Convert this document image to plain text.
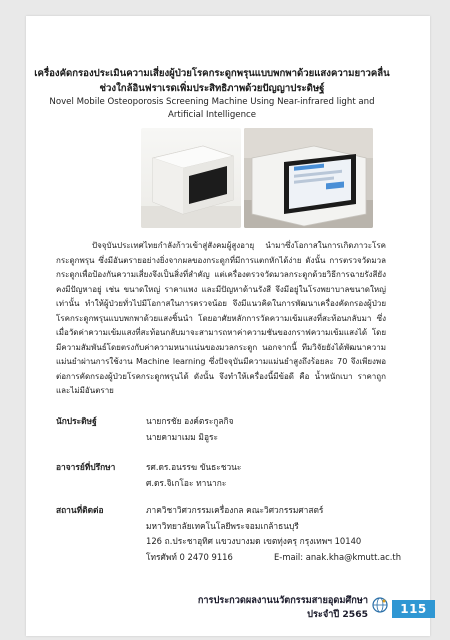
เครื่องคัดกรองประเมินความเสี่ยงผู้ป่วยโรคกระดูกพรุนแบบพกพาด้วยแสงความยาวคลื่นช่วงใกล้อินฟราเรดเพิ่มประสิทธิภาพด้วยปัญญาประดิษฐ์
Novel Mobile Osteoporosis Screening Machine Using Near-infrared light and Artificial Intelligence
ปัจจุบันประเทศไทยกำลังก้าวเข้าสู่สังคมผู้สูงอายุ นำมาซึ่งโอกาสในการเกิดภาวะโรคกระดูกพรุน ซึ่งมีอันตรายอย่างยิ่งจากผลของกระดูกที่มีการแตกหักได้ง่าย ดังนั้น การตรวจวัดมวลกระดูกเพื่อป้องกันความเสี่ยงจึงเป็นสิ่งที่สำคัญ แต่เครื่องตรวจวัดมวลกระดูกด้วยวิธีการฉายรังสียังคงมีปัญหาอยู่ เช่น ขนาดใหญ่ ราคาแพง และมีปัญหาด้านรังสี จึงมีอยู่ในโรงพยาบาลขนาดใหญ่เท่านั้น ทำให้ผู้ป่วยทั่วไปมีโอกาสในการตรวจน้อย จึงมีแนวคิดในการพัฒนาเครื่องคัดกรองผู้ป่วยโรคกระดูกพรุนแบบพกพาด้วยแสงชิ้นนำ โดยอาศัยหลักการวัดความเข้มแสงที่สะท้อนกลับมา ซึ่งเมื่อวัดค่าความเข้มแสงที่สะท้อนกลับมาจะสามารถหาค่าความชันของกราฟความเข้มแสงได้ โดยมีความสัมพันธ์โดยตรงกับค่าความหนาแน่นของมวลกระดูก นอกจากนี้ ทีมวิจัยยังได้พัฒนาความแม่นยำผ่านการใช้งาน Machine learning ซึ่งปัจจุบันมีความแม่นยำสูงถึงร้อยละ 70 จึงเพียงพอต่อการคัดกรองผู้ป่วยโรคกระดูกพรุนได้ ดังนั้น จึงทำให้เครื่องนี้มีข้อดี คือ น้ำหนักเบา ราคาถูก และไม่มีอันตราย
นักประดิษฐ์	นายกรชัย องค์ตระกูลกิจ
นายคามาเมม มิอูระ
อาจารย์ที่ปรึกษา	รศ.ดร.อนรรฆ ขันธะชวนะ
ศ.ดร.จิเกโอะ ทานากะ
สถานที่ติดต่อ	ภาควิชาวิศวกรรมเครื่องกล คณะวิศวกรรมศาสตร์
มหาวิทยาลัยเทคโนโลยีพระจอมเกล้าธนบุรี
126 ถ.ประชาอุทิศ แขวงบางมด เขตทุ่งครุ กรุงเทพฯ 10140
โทรศัพท์ 0 2470 9116	E-mail: anak.kha@kmutt.ac.th
การประกวดผลงานนวัตกรรมสายอุดมศึกษา
ประจำปี 2565	115
